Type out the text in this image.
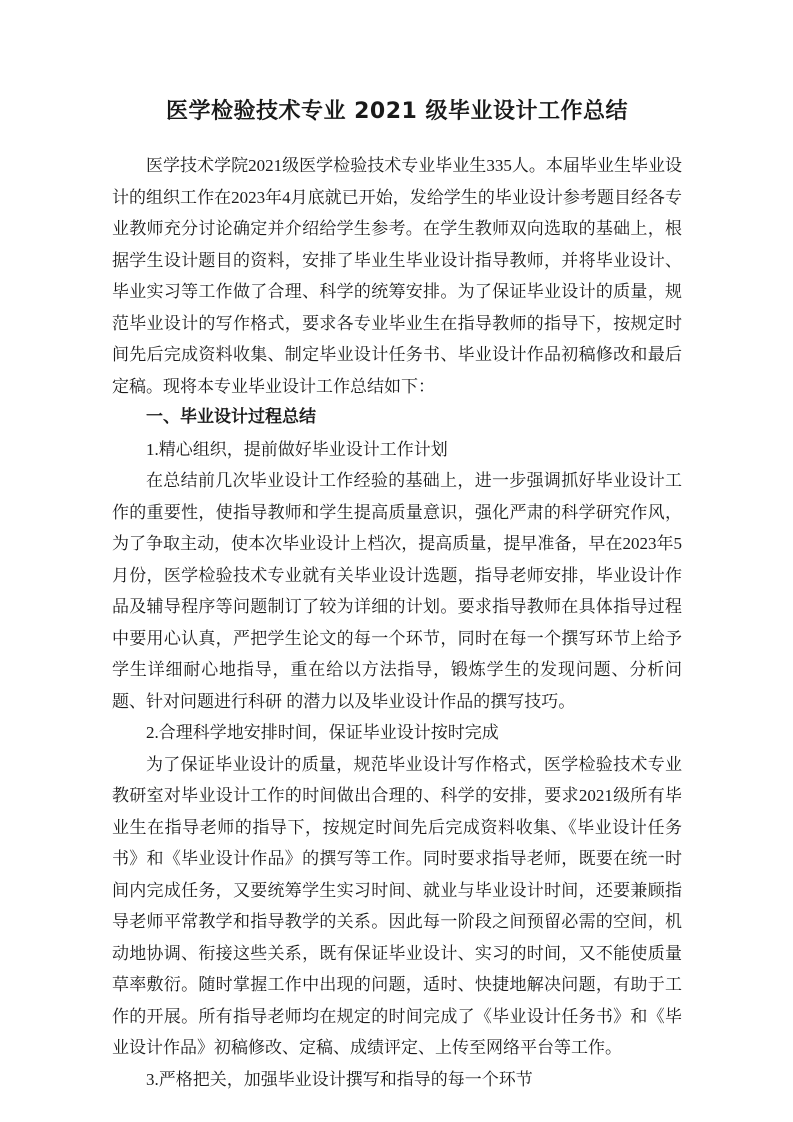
医学检验技术专业 2021 级毕业设计工作总结

医学技术学院2021级医学检验技术专业毕业生335人。本届毕业生毕业设计的组织工作在2023年4月底就已开始，发给学生的毕业设计参考题目经各专业教师充分讨论确定并介绍给学生参考。在学生教师双向选取的基础上，根据学生设计题目的资料，安排了毕业生毕业设计指导教师，并将毕业设计、毕业实习等工作做了合理、科学的统筹安排。为了保证毕业设计的质量，规范毕业设计的写作格式，要求各专业毕业生在指导教师的指导下，按规定时间先后完成资料收集、制定毕业设计任务书、毕业设计作品初稿修改和最后定稿。现将本专业毕业设计工作总结如下：

一、毕业设计过程总结

1.精心组织，提前做好毕业设计工作计划

在总结前几次毕业设计工作经验的基础上，进一步强调抓好毕业设计工作的重要性，使指导教师和学生提高质量意识，强化严肃的科学研究作风，为了争取主动，使本次毕业设计上档次，提高质量，提早准备，早在2023年5月份，医学检验技术专业就有关毕业设计选题，指导老师安排，毕业设计作品及辅导程序等问题制订了较为详细的计划。要求指导教师在具体指导过程中要用心认真，严把学生论文的每一个环节，同时在每一个撰写环节上给予学生详细耐心地指导，重在给以方法指导，锻炼学生的发现问题、分析问题、针对问题进行科研 的潜力以及毕业设计作品的撰写技巧。

2.合理科学地安排时间，保证毕业设计按时完成

为了保证毕业设计的质量，规范毕业设计写作格式，医学检验技术专业教研室对毕业设计工作的时间做出合理的、科学的安排，要求2021级所有毕业生在指导老师的指导下，按规定时间先后完成资料收集、《毕业设计任务书》和《毕业设计作品》的撰写等工作。同时要求指导老师，既要在统一时间内完成任务，又要统筹学生实习时间、就业与毕业设计时间，还要兼顾指导老师平常教学和指导教学的关系。因此每一阶段之间预留必需的空间，机动地协调、衔接这些关系，既有保证毕业设计、实习的时间，又不能使质量草率敷衍。随时掌握工作中出现的问题，适时、快捷地解决问题，有助于工作的开展。所有指导老师均在规定的时间完成了《毕业设计任务书》和《毕业设计作品》初稿修改、定稿、成绩评定、上传至网络平台等工作。

3.严格把关，加强毕业设计撰写和指导的每一个环节
